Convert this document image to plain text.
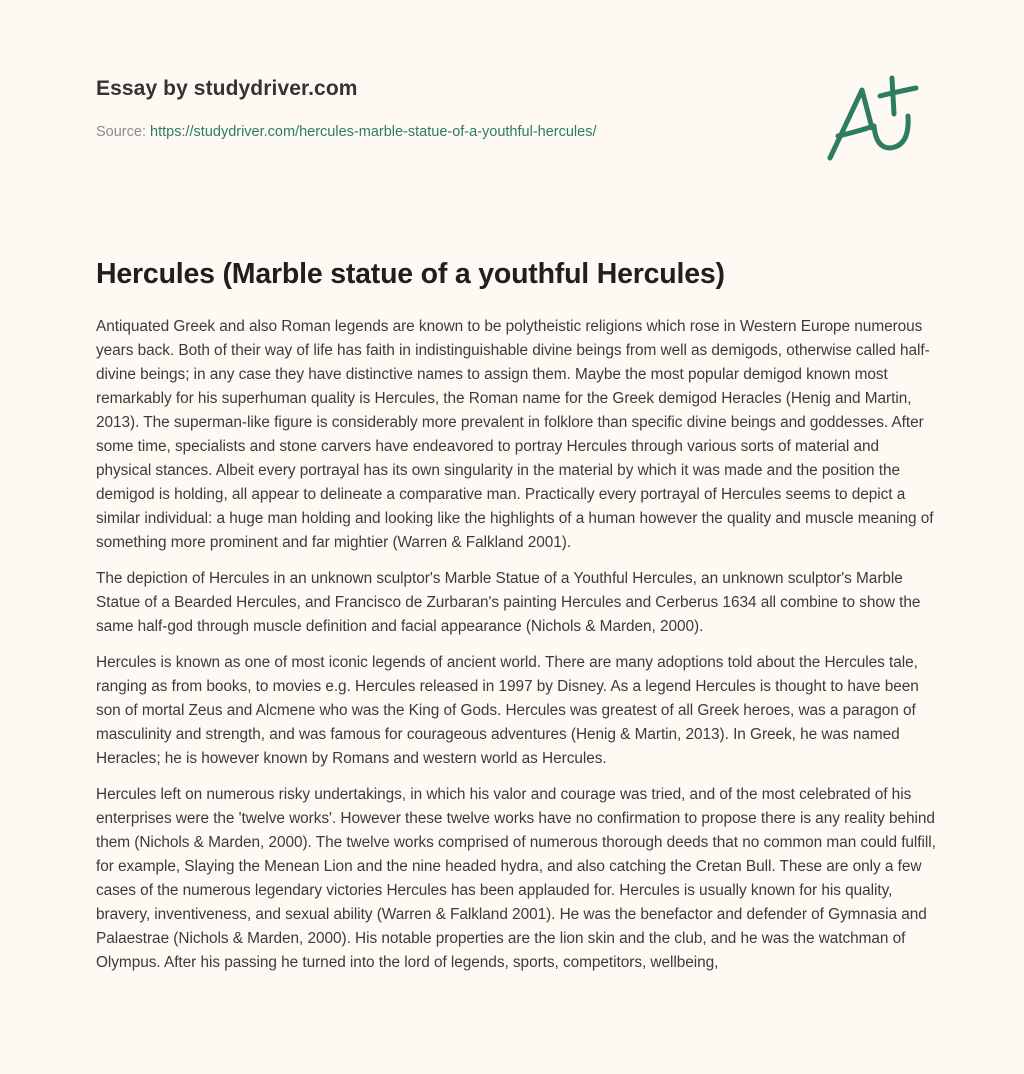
Essay by studydriver.com
Source: https://studydriver.com/hercules-marble-statue-of-a-youthful-hercules/
Hercules (Marble statue of a youthful Hercules)

Antiquated Greek and also Roman legends are known to be polytheistic religions which rose in Western Europe numerous years back. Both of their way of life has faith in indistinguishable divine beings from well as demigods, otherwise called half-divine beings; in any case they have distinctive names to assign them. Maybe the most popular demigod known most remarkably for his superhuman quality is Hercules, the Roman name for the Greek demigod Heracles (Henig and Martin, 2013). The superman-like figure is considerably more prevalent in folklore than specific divine beings and goddesses. After some time, specialists and stone carvers have endeavored to portray Hercules through various sorts of material and physical stances. Albeit every portrayal has its own singularity in the material by which it was made and the position the demigod is holding, all appear to delineate a comparative man. Practically every portrayal of Hercules seems to depict a similar individual: a huge man holding and looking like the highlights of a human however the quality and muscle meaning of something more prominent and far mightier (Warren & Falkland 2001).

The depiction of Hercules in an unknown sculptor's Marble Statue of a Youthful Hercules, an unknown sculptor's Marble Statue of a Bearded Hercules, and Francisco de Zurbaran's painting Hercules and Cerberus 1634 all combine to show the same half-god through muscle definition and facial appearance (Nichols & Marden, 2000).

Hercules is known as one of most iconic legends of ancient world. There are many adoptions told about the Hercules tale, ranging as from books, to movies e.g. Hercules released in 1997 by Disney. As a legend Hercules is thought to have been son of mortal Zeus and Alcmene who was the King of Gods. Hercules was greatest of all Greek heroes, was a paragon of masculinity and strength, and was famous for courageous adventures (Henig & Martin, 2013). In Greek, he was named Heracles; he is however known by Romans and western world as Hercules.

Hercules left on numerous risky undertakings, in which his valor and courage was tried, and of the most celebrated of his enterprises were the 'twelve works'. However these twelve works have no confirmation to propose there is any reality behind them (Nichols & Marden, 2000). The twelve works comprised of numerous thorough deeds that no common man could fulfill, for example, Slaying the Menean Lion and the nine headed hydra, and also catching the Cretan Bull. These are only a few cases of the numerous legendary victories Hercules has been applauded for. Hercules is usually known for his quality, bravery, inventiveness, and sexual ability (Warren & Falkland 2001). He was the benefactor and defender of Gymnasia and Palaestrae (Nichols & Marden, 2000). His notable properties are the lion skin and the club, and he was the watchman of Olympus. After his passing he turned into the lord of legends, sports, competitors, wellbeing,
